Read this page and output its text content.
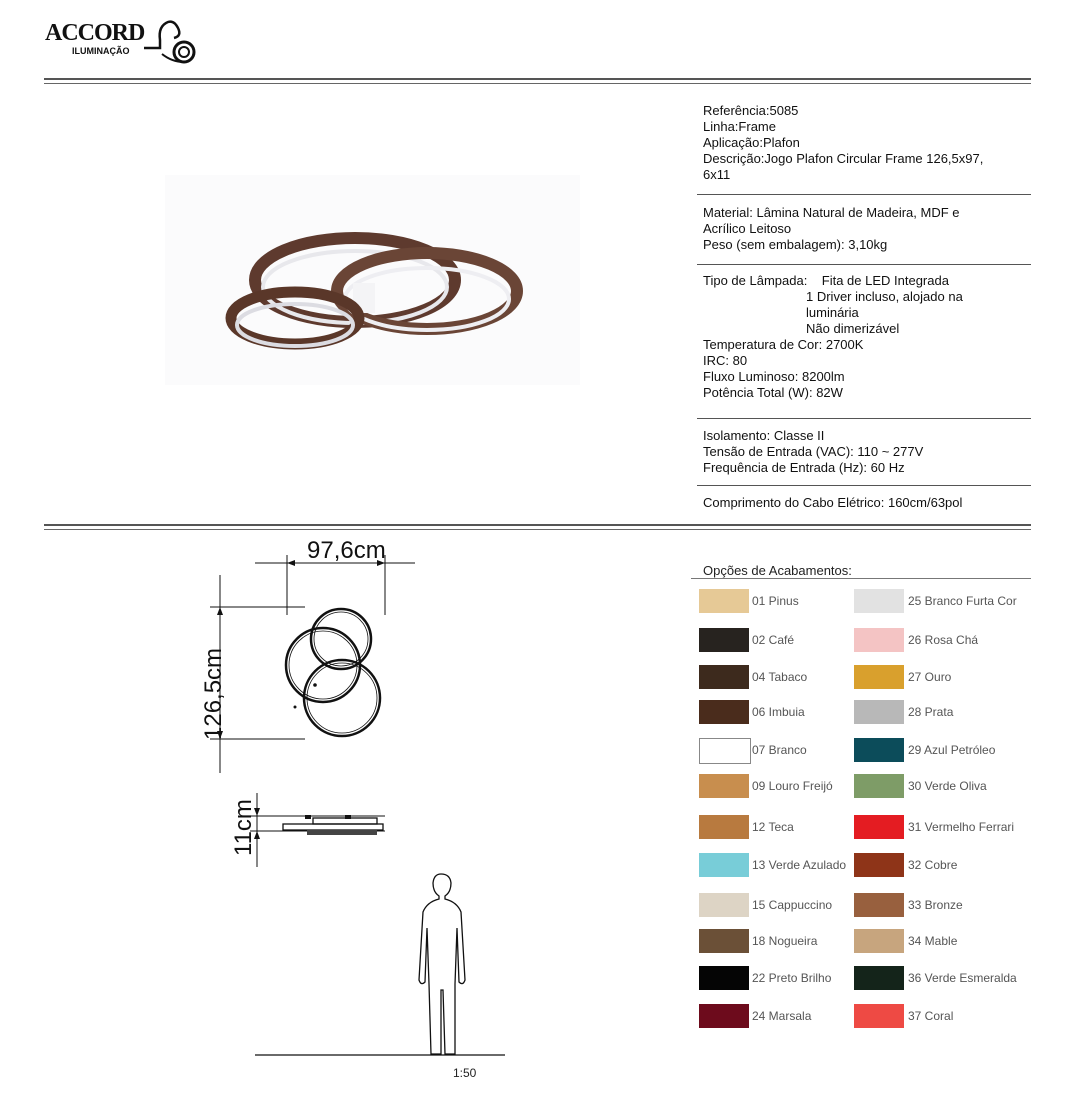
ACCORD
ILUMINAÇÃO
Referência:5085
Linha:Frame
Aplicação:Plafon
Descrição:Jogo Plafon Circular Frame 126,5x97,
6x11
Material: Lâmina Natural de Madeira, MDF e
Acrílico Leitoso
Peso (sem embalagem): 3,10kg
Tipo de Lâmpada:    Fita de LED Integrada
1 Driver incluso, alojado na
luminária
Não dimerizável
Temperatura de Cor: 2700K
IRC: 80
Fluxo Luminoso: 8200lm
Potência Total (W): 82W
Isolamento: Classe II
Tensão de Entrada (VAC): 110 ~ 277V
Frequência de Entrada (Hz): 60 Hz
Comprimento do Cabo Elétrico: 160cm/63pol
97,6cm
126,5cm
11cm
1:50
Opções de Acabamentos:
01 Pinus
02 Café
04 Tabaco
06 Imbuia
07 Branco
09 Louro Freijó
12 Teca
13 Verde Azulado
15 Cappuccino
18 Nogueira
22 Preto Brilho
24 Marsala
25 Branco Furta Cor
26 Rosa Chá
27 Ouro
28 Prata
29 Azul Petróleo
30 Verde Oliva
31 Vermelho Ferrari
32 Cobre
33 Bronze
34 Mable
36 Verde Esmeralda
37 Coral
